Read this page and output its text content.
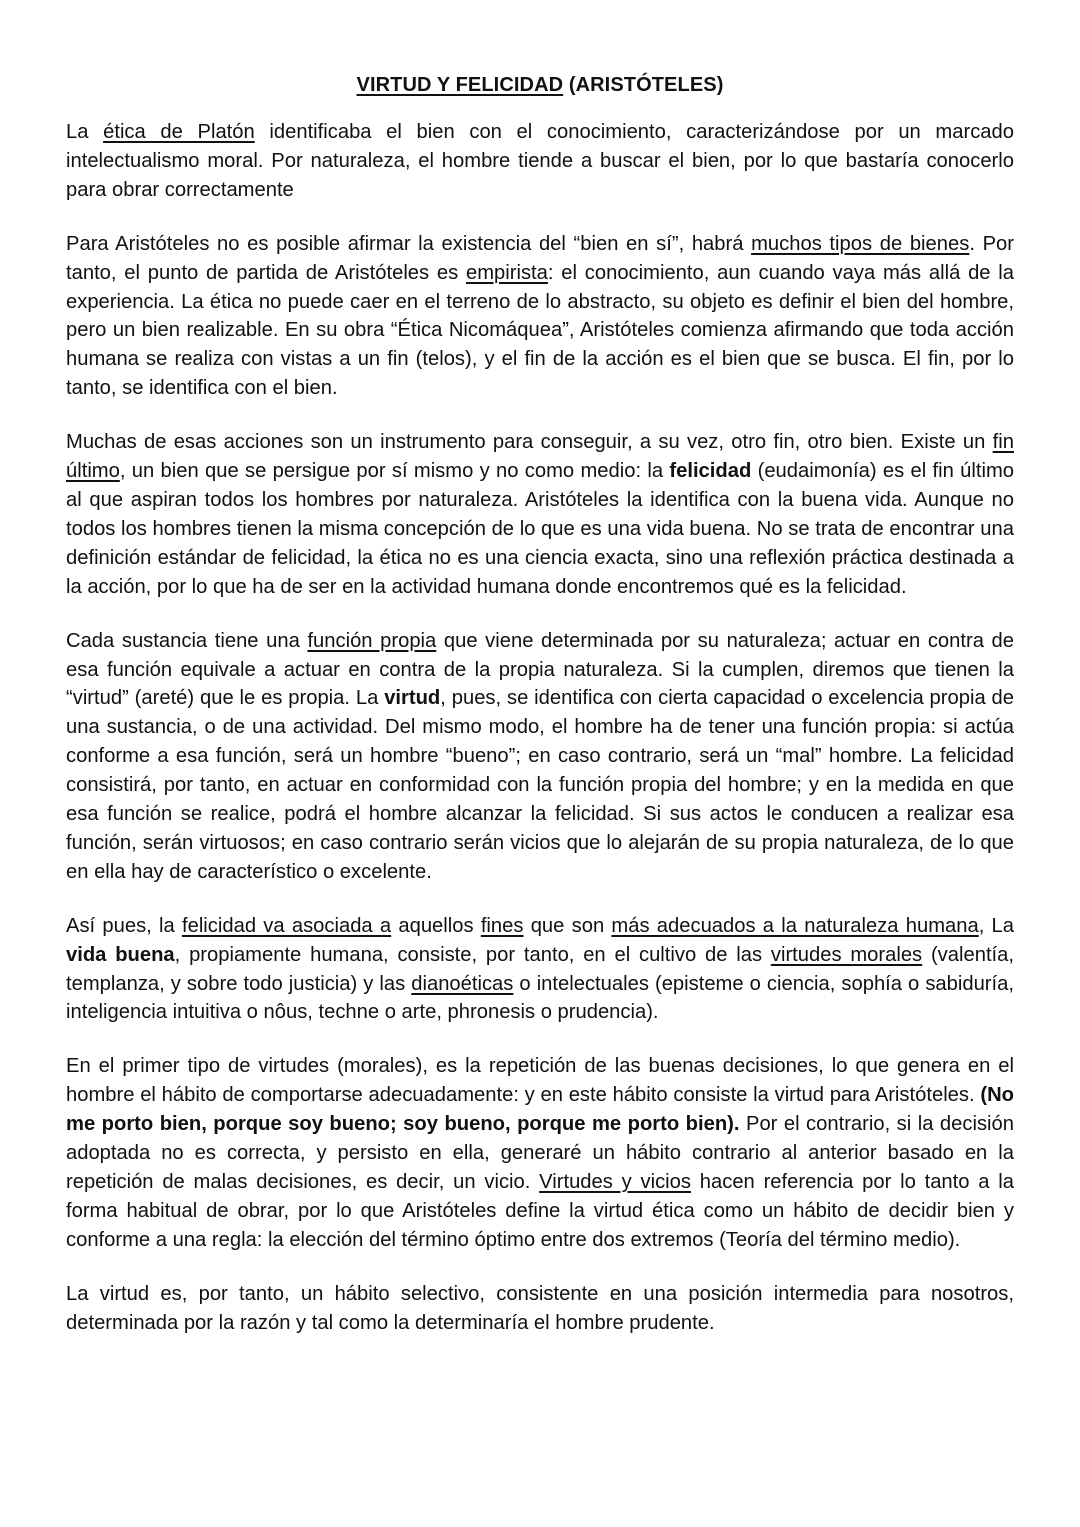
VIRTUD Y FELICIDAD (ARISTÓTELES)

La ética de Platón identificaba el bien con el conocimiento, caracterizándose por un marcado intelectualismo moral. Por naturaleza, el hombre tiende a buscar el bien, por lo que bastaría conocerlo para obrar correctamente

Para Aristóteles no es posible afirmar la existencia del “bien en sí”, habrá muchos tipos de bienes. Por tanto, el punto de partida de Aristóteles es empirista: el conocimiento, aun cuando vaya más allá de la experiencia. La ética no puede caer en el terreno de lo abstracto, su objeto es definir el bien del hombre, pero un bien realizable. En su obra “Ética Nicomáquea”, Aristóteles comienza afirmando que toda acción humana se realiza con vistas a un fin (telos), y el fin de la acción es el bien que se busca. El fin, por lo tanto, se identifica con el bien.

Muchas de esas acciones son un instrumento para conseguir, a su vez, otro fin, otro bien. Existe un fin último, un bien que se persigue por sí mismo y no como medio: la felicidad (eudaimonía) es el fin último al que aspiran todos los hombres por naturaleza. Aristóteles la identifica con la buena vida. Aunque no todos los hombres tienen la misma concepción de lo que es una vida buena. No se trata de encontrar una definición estándar de felicidad, la ética no es una ciencia exacta, sino una reflexión práctica destinada a la acción, por lo que ha de ser en la actividad humana donde encontremos qué es la felicidad.

Cada sustancia tiene una función propia que viene determinada por su naturaleza; actuar en contra de esa función equivale a actuar en contra de la propia naturaleza. Si la cumplen, diremos que tienen la “virtud” (areté) que le es propia. La virtud, pues, se identifica con cierta capacidad o excelencia propia de una sustancia, o de una actividad. Del mismo modo, el hombre ha de tener una función propia: si actúa conforme a esa función, será un hombre “bueno”; en caso contrario, será un “mal” hombre. La felicidad consistirá, por tanto, en actuar en conformidad con la función propia del hombre; y en la medida en que esa función se realice, podrá el hombre alcanzar la felicidad. Si sus actos le conducen a realizar esa función, serán virtuosos; en caso contrario serán vicios que lo alejarán de su propia naturaleza, de lo que en ella hay de característico o excelente.

Así pues, la felicidad va asociada a aquellos fines que son más adecuados a la naturaleza humana, La vida buena, propiamente humana, consiste, por tanto, en el cultivo de las virtudes morales (valentía, templanza, y sobre todo justicia) y las dianoéticas o intelectuales (episteme o ciencia, sophía o sabiduría, inteligencia intuitiva o nôus, techne o arte, phronesis o prudencia).

En el primer tipo de virtudes (morales), es la repetición de las buenas decisiones, lo que genera en el hombre el hábito de comportarse adecuadamente: y en este hábito consiste la virtud para Aristóteles. (No me porto bien, porque soy bueno; soy bueno, porque me porto bien). Por el contrario, si la decisión adoptada no es correcta, y persisto en ella, generaré un hábito contrario al anterior basado en la repetición de malas decisiones, es decir, un vicio. Virtudes y vicios hacen referencia por lo tanto a la forma habitual de obrar, por lo que Aristóteles define la virtud ética como un hábito de decidir bien y conforme a una regla: la elección del término óptimo entre dos extremos (Teoría del término medio).

La virtud es, por tanto, un hábito selectivo, consistente en una posición intermedia para nosotros, determinada por la razón y tal como la determinaría el hombre prudente.
